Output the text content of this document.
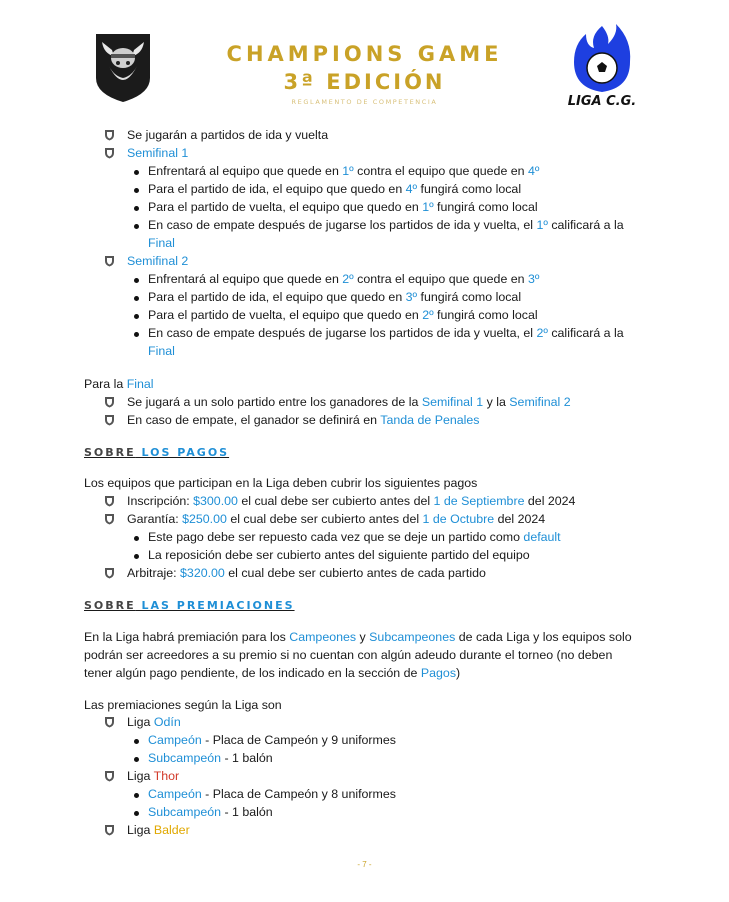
CHAMPIONS GAME
3ª EDICIÓN
REGLAMENTO DE COMPETENCIA	LIGA C.G.
Se jugarán a partidos de ida y vuelta
Semifinal 1
Enfrentará al equipo que quede en 1º contra el equipo que quede en 4º
Para el partido de ida, el equipo que quedo en 4º fungirá como local
Para el partido de vuelta, el equipo que quedo en 1º fungirá como local
En caso de empate después de jugarse los partidos de ida y vuelta, el 1º calificará a la
Final
Semifinal 2
Enfrentará al equipo que quede en 2º contra el equipo que quede en 3º
Para el partido de ida, el equipo que quedo en 3º fungirá como local
Para el partido de vuelta, el equipo que quedo en 2º fungirá como local
En caso de empate después de jugarse los partidos de ida y vuelta, el 2º calificará a la
Final
Para la Final
Se jugará a un solo partido entre los ganadores de la Semifinal 1 y la Semifinal 2
En caso de empate, el ganador se definirá en Tanda de Penales
SOBRE LOS PAGOS
Los equipos que participan en la Liga deben cubrir los siguientes pagos
Inscripción: $300.00 el cual debe ser cubierto antes del 1 de Septiembre del 2024
Garantía: $250.00 el cual debe ser cubierto antes del 1 de Octubre del 2024
Este pago debe ser repuesto cada vez que se deje un partido como default
La reposición debe ser cubierto antes del siguiente partido del equipo
Arbitraje: $320.00 el cual debe ser cubierto antes de cada partido
SOBRE LAS PREMIACIONES
En la Liga habrá premiación para los Campeones y Subcampeones de cada Liga y los equipos solo
podrán ser acreedores a su premio si no cuentan con algún adeudo durante el torneo (no deben
tener algún pago pendiente, de los indicado en la sección de Pagos)
Las premiaciones según la Liga son
Liga Odín
Campeón - Placa de Campeón y 9 uniformes
Subcampeón - 1 balón
Liga Thor
Campeón - Placa de Campeón y 8 uniformes
Subcampeón - 1 balón
Liga Balder
- 7 -
